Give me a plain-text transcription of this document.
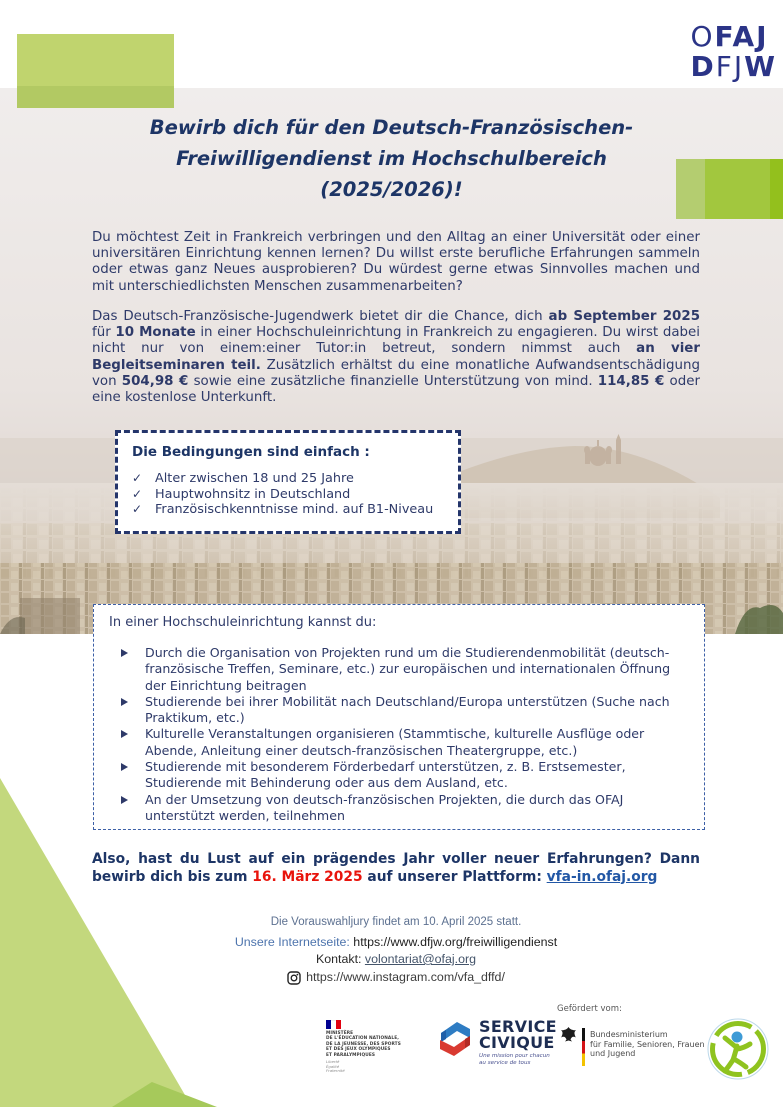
OFAJ
DFJW
Bewirb dich für den Deutsch-Französischen-
Freiwilligendienst im Hochschulbereich
(2025/2026)!
Du möchtest Zeit in Frankreich verbringen und den Alltag an einer Universität oder einer universitären Einrichtung kennen lernen? Du willst erste berufliche Erfahrungen sammeln oder etwas ganz Neues ausprobieren? Du würdest gerne etwas Sinnvolles machen und mit unterschiedlichsten Menschen zusammenarbeiten?
Das Deutsch-Französische-Jugendwerk bietet dir die Chance, dich ab September 2025 für 10 Monate in einer Hochschuleinrichtung in Frankreich zu engagieren. Du wirst dabei nicht nur von einem:einer Tutor:in betreut, sondern nimmst auch an vier Begleitseminaren teil. Zusätzlich erhältst du eine monatliche Aufwandsentschädigung von 504,98 € sowie eine zusätzliche finanzielle Unterstützung von mind. 114,85 € oder eine kostenlose Unterkunft.
Die Bedingungen sind einfach :
✓ Alter zwischen 18 und 25 Jahre
✓ Hauptwohnsitz in Deutschland
✓ Französischkenntnisse mind. auf B1-Niveau
In einer Hochschuleinrichtung kannst du:
Durch die Organisation von Projekten rund um die Studierendenmobilität (deutsch-französische Treffen, Seminare, etc.) zur europäischen und internationalen Öffnung der Einrichtung beitragen
Studierende bei ihrer Mobilität nach Deutschland/Europa unterstützen (Suche nach Praktikum, etc.)
Kulturelle Veranstaltungen organisieren (Stammtische, kulturelle Ausflüge oder Abende, Anleitung einer deutsch-französischen Theatergruppe, etc.)
Studierende mit besonderem Förderbedarf unterstützen, z. B. Erstsemester, Studierende mit Behinderung oder aus dem Ausland, etc.
An der Umsetzung von deutsch-französischen Projekten, die durch das OFAJ unterstützt werden, teilnehmen
Also, hast du Lust auf ein prägendes Jahr voller neuer Erfahrungen? Dann bewirb dich bis zum 16. März 2025 auf unserer Plattform: vfa-in.ofaj.org
Die Vorauswahljury findet am 10. April 2025 statt.
Unsere Internetseite: https://www.dfjw.org/freiwilligendienst
Kontakt: volontariat@ofaj.org
https://www.instagram.com/vfa_dffd/
Gefördert vom:
MINISTÈRE
DE L'ÉDUCATION NATIONALE,
DE LA JEUNESSE, DES SPORTS
ET DES JEUX OLYMPIQUES
ET PARALYMPIQUES
Liberté
Égalité
Fraternité
SERVICE
CIVIQUE
Une mission pour chacun
au service de tous
Bundesministerium
für Familie, Senioren, Frauen
und Jugend
